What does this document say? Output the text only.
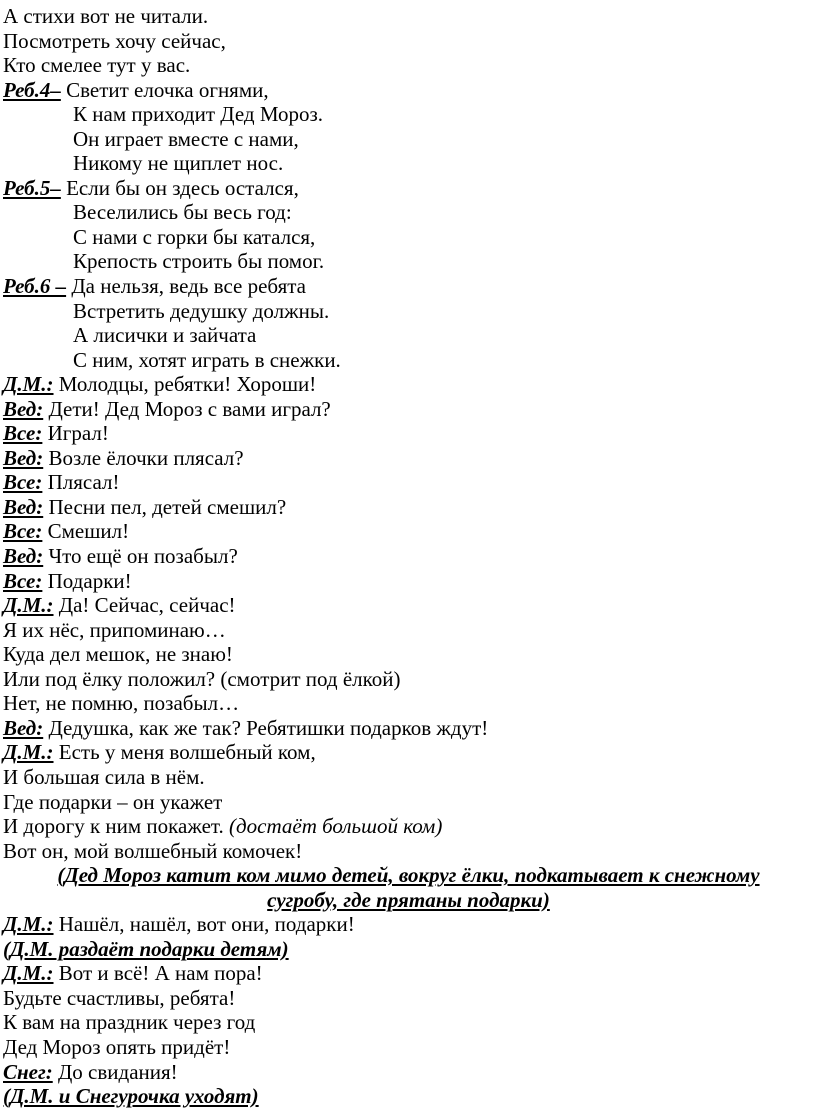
А стихи вот не читали.
Посмотреть хочу сейчас,
Кто смелее тут у вас.
Реб.4– Светит елочка огнями,
К нам приходит Дед Мороз.
Он играет вместе с нами,
Никому не щиплет нос.
Реб.5– Если бы он здесь остался,
Веселились бы весь год:
С нами с горки бы катался,
Крепость строить бы помог.
Реб.6 – Да нельзя, ведь все ребята
Встретить дедушку должны.
А лисички и зайчата
С ним, хотят играть в снежки.
Д.М.: Молодцы, ребятки! Хороши!
Вед: Дети! Дед Мороз с вами играл?
Все: Играл!
Вед: Возле ёлочки плясал?
Все: Плясал!
Вед: Песни пел, детей смешил?
Все: Смешил!
Вед: Что ещё он позабыл?
Все: Подарки!
Д.М.: Да! Сейчас, сейчас!
Я их нёс, припоминаю…
Куда дел мешок, не знаю!
Или под ёлку положил? (смотрит под ёлкой)
Нет, не помню, позабыл…
Вед: Дедушка, как же так? Ребятишки подарков ждут!
Д.М.: Есть у меня волшебный ком,
И большая сила в нём.
Где подарки – он укажет
И дорогу к ним покажет. (достаёт большой ком)
Вот он, мой волшебный комочек!
(Дед Мороз катит ком мимо детей, вокруг ёлки, подкатывает к снежному
сугробу, где прятаны подарки)
Д.М.: Нашёл, нашёл, вот они, подарки!
(Д.М. раздаёт подарки детям)
Д.М.: Вот и всё! А нам пора!
Будьте счастливы, ребята!
К вам на праздник через год
Дед Мороз опять придёт!
Снег: До свидания!
(Д.М. и Снегурочка уходят)
